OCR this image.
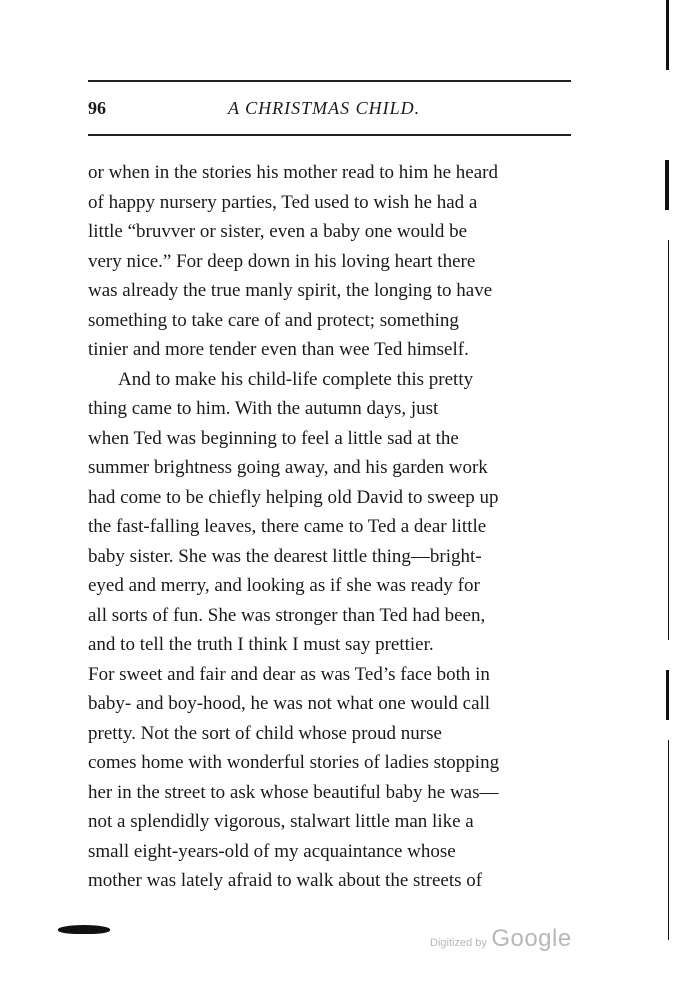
96	A CHRISTMAS CHILD.
or when in the stories his mother read to him he heard
of happy nursery parties, Ted used to wish he had a
little “bruvver or sister, even a baby one would be
very nice.” For deep down in his loving heart there
was already the true manly spirit, the longing to have
something to take care of and protect; something
tinier and more tender even than wee Ted himself.
And to make his child-life complete this pretty
thing came to him. With the autumn days, just
when Ted was beginning to feel a little sad at the
summer brightness going away, and his garden work
had come to be chiefly helping old David to sweep up
the fast-falling leaves, there came to Ted a dear little
baby sister. She was the dearest little thing—bright-
eyed and merry, and looking as if she was ready for
all sorts of fun. She was stronger than Ted had been,
and to tell the truth I think I must say prettier.
For sweet and fair and dear as was Ted’s face both in
baby- and boy-hood, he was not what one would call
pretty. Not the sort of child whose proud nurse
comes home with wonderful stories of ladies stopping
her in the street to ask whose beautiful baby he was—
not a splendidly vigorous, stalwart little man like a
small eight-years-old of my acquaintance whose
mother was lately afraid to walk about the streets of
Digitized by Google
